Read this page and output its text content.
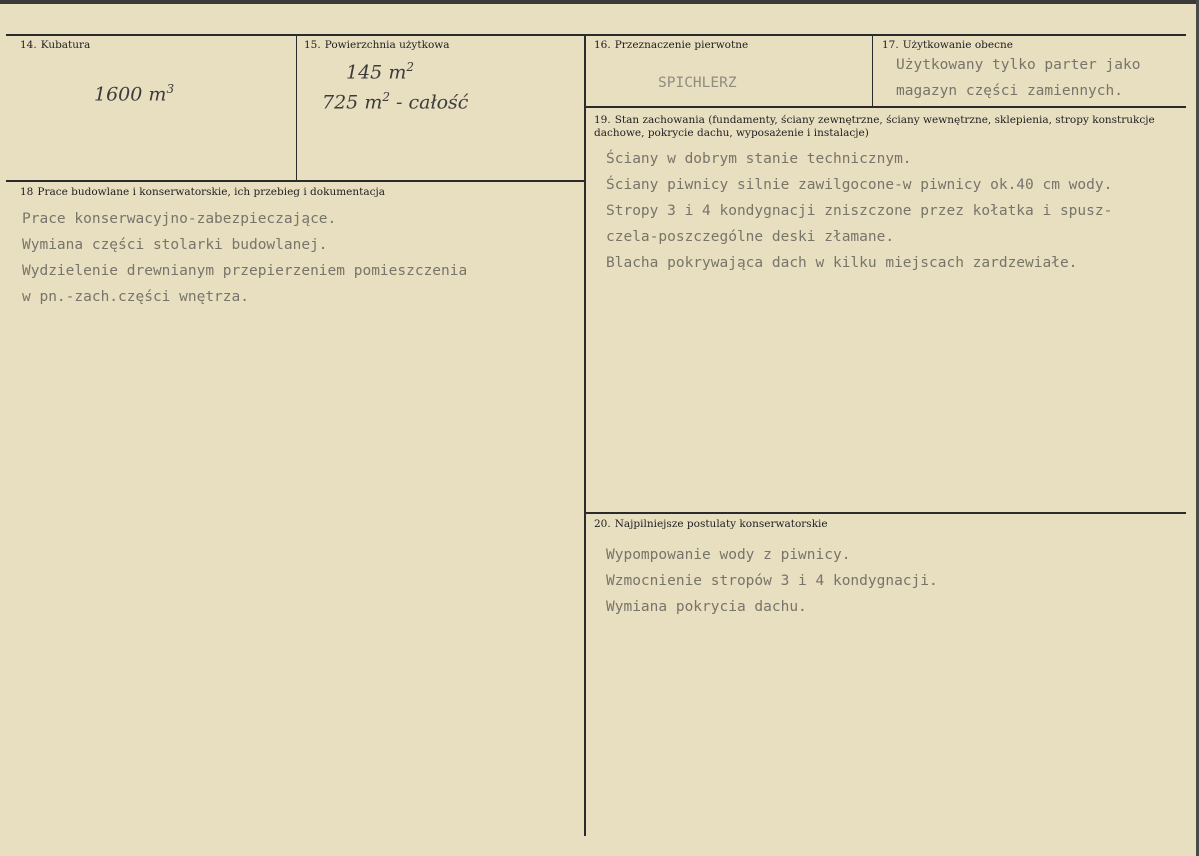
14. Kubatura
1600 $m^3$
15. Powierzchnia użytkowa
145 $m^2$
725 $m^2$ - całość
16. Przeznaczenie pierwotne
SPICHLERZ
17. Użytkowanie obecne
Użytkowany tylko parter jako
magazyn części zamiennych.
19. Stan zachowania (fundamenty, ściany zewnętrzne, ściany wewnętrzne, sklepienia, stropy konstrukcje dachowe, pokrycie dachu, wyposażenie i instalacje)
Ściany w dobrym stanie technicznym.
Ściany piwnicy silnie zawilgocone-w piwnicy ok.40 cm wody.
Stropy 3 i 4 kondygnacji zniszczone przez kołatka i spusz-
czela-poszczególne deski złamane.
Blacha pokrywająca dach w kilku miejscach zardzewiałe.
18 Prace budowlane i konserwatorskie, ich przebieg i dokumentacja
Prace konserwacyjno-zabezpieczające.
Wymiana części stolarki budowlanej.
Wydzielenie drewnianym przepierzeniem pomieszczenia
w pn.-zach.części wnętrza.
20. Najpilniejsze postulaty konserwatorskie
Wypompowanie wody z piwnicy.
Wzmocnienie stropów 3 i 4 kondygnacji.
Wymiana pokrycia dachu.
